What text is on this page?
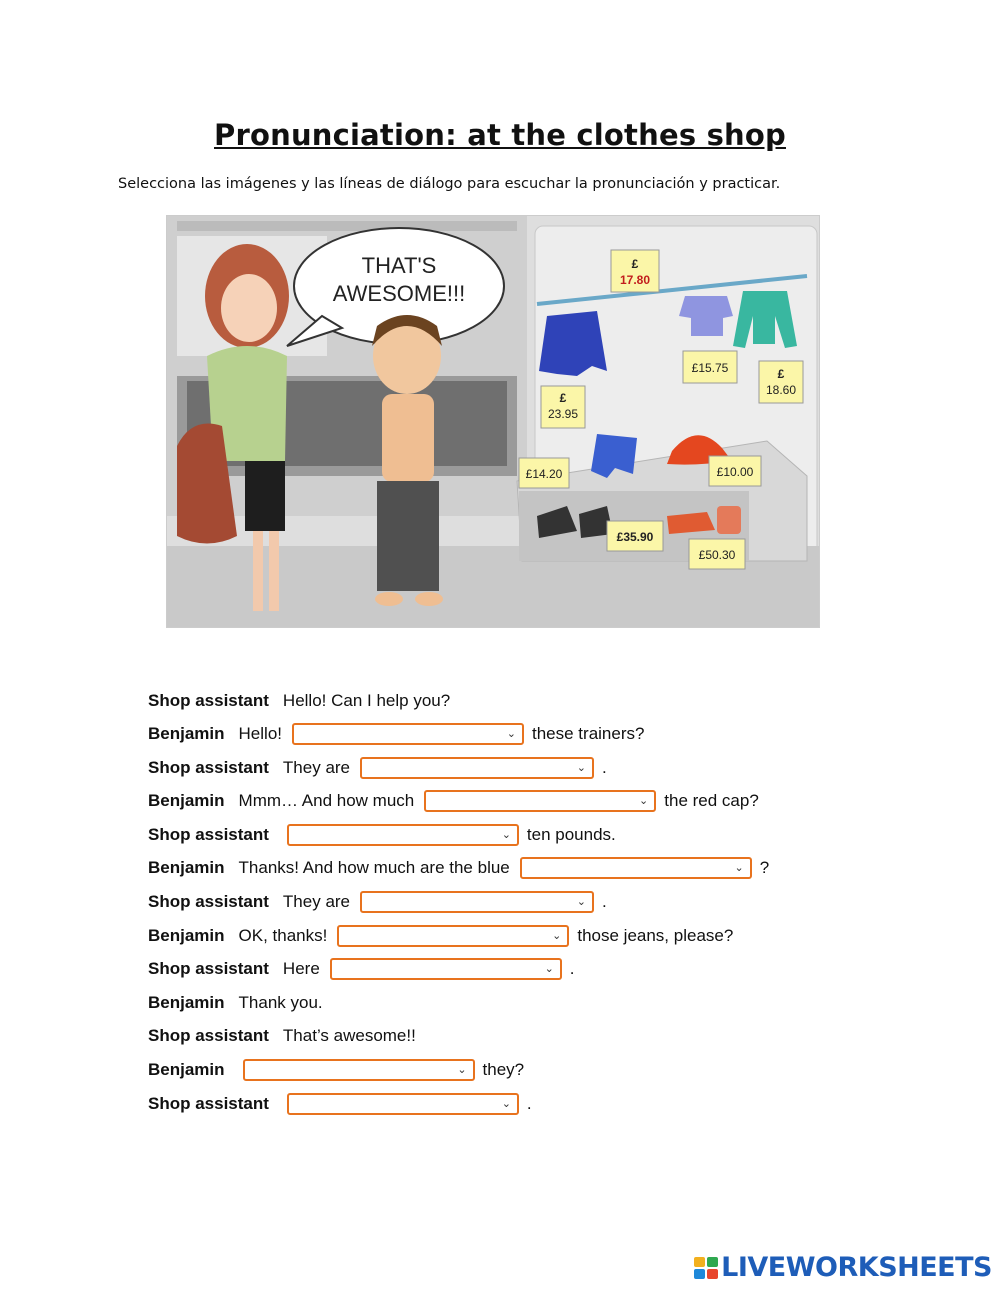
Pronunciation: at the clothes shop
Selecciona las imágenes y las líneas de diálogo para escuchar la pronunciación y practicar.
THAT'S
AWESOME!!!
£
17.80
£15.75	£
18.60
£
23.95
£14.20	£10.00
£35.90
£50.30
Shop assistant Hello! Can I help you?
Benjamin Hello!	⌄ these trainers?
Shop assistant They are	⌄ .
Benjamin Mmm… And how much	⌄ the red cap?
Shop assistant	⌄ ten pounds.
Benjamin Thanks! And how much are the blue	⌄ ?
Shop assistant They are	⌄ .
Benjamin OK, thanks!	⌄ those jeans, please?
Shop assistant Here	⌄ .
Benjamin Thank you.
Shop assistant That’s awesome!!
Benjamin	⌄ they?
Shop assistant	⌄ .
LIVEWORKSHEETS
